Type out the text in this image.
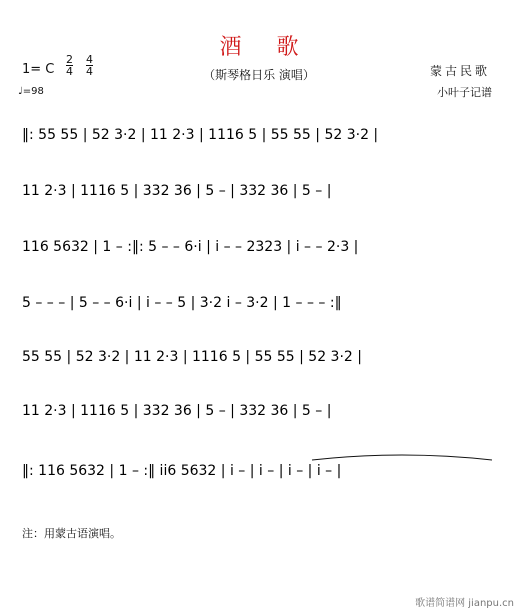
酒 歌
（斯琴格日乐 演唱）
1= C $\frac{2}{4} \frac{4}{4}$
♩=98
蒙古民歌
小叶子记谱
‖: 55 55 | 52 3·2 | 11 2·3 | 1116 5 | 55 55 | 52 3·2 |
11 2·3 | 1116 5 | 332 36 | 5 – | 332 36 | 5 – |
116 5632 | 1 – :‖: 5 – – 6·i | i – – 2323 | i – – 2·3 |
5 – – – | 5 – – 6·i | i – – 5 | 3·2 i – 3·2 | 1 – – – :‖
55 55 | 52 3·2 | 11 2·3 | 1116 5 | 55 55 | 52 3·2 |
11 2·3 | 1116 5 | 332 36 | 5 – | 332 36 | 5 – |
‖: 116 5632 | 1 – :‖ ii6 5632 | i – | i – | i – | i – |
注：用蒙古语演唱。
歌谱简谱网 jianpu.cn
